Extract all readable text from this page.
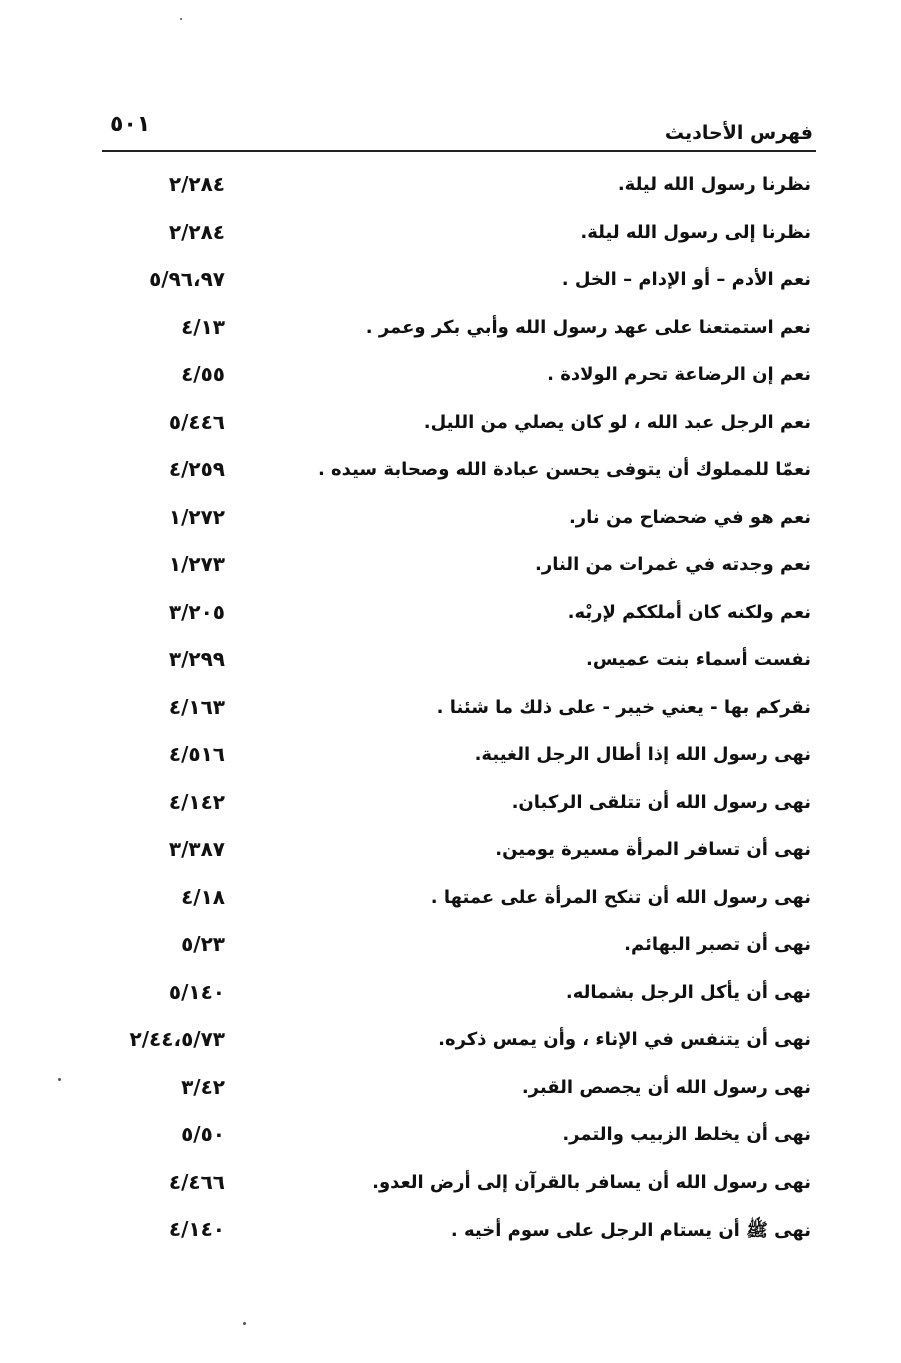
٥٠١	فهرس الأحاديث
نظرنا رسول الله ليلة.
٢/٢٨٤
نظرنا إلى رسول الله ليلة.
٢/٢٨٤
نعم الأدم – أو الإدام – الخل .
٥/٩٦،٩٧
نعم استمتعنا على عهد رسول الله وأبي بكر وعمر .
٤/١٣
نعم إن الرضاعة تحرم الولادة .
٤/٥٥
نعم الرجل عبد الله ، لو كان يصلي من الليل.
٥/٤٤٦
نعمّا للمملوك أن يتوفى يحسن عبادة الله وصحابة سيده .
٤/٢٥٩
نعم هو في ضحضاح من نار.
١/٢٧٢
نعم وجدته في غمرات من النار.
١/٢٧٣
نعم ولكنه كان أملككم لإربْه.
٣/٢٠٥
نفست أسماء بنت عميس.
٣/٢٩٩
نقركم بها - يعني خيبر - على ذلك ما شئنا .
٤/١٦٣
نهى رسول الله إذا أطال الرجل الغيبة.
٤/٥١٦
نهى رسول الله أن تتلقى الركبان.
٤/١٤٢
نهى أن تسافر المرأة مسيرة يومين.
٣/٣٨٧
نهى رسول الله أن تنكح المرأة على عمتها .
٤/١٨
نهى أن تصبر البهائم.
٥/٢٣
نهى أن يأكل الرجل بشماله.
٥/١٤٠
نهى أن يتنفس في الإناء ، وأن يمس ذكره.
٢/٤٤،٥/٧٣
نهى رسول الله أن يجصص القبر.
٣/٤٢
نهى أن يخلط الزبيب والتمر.
٥/٥٠
نهى رسول الله أن يسافر بالقرآن إلى أرض العدو.
٤/٤٦٦
نهى ﷺ أن يستام الرجل على سوم أخيه .
٤/١٤٠
